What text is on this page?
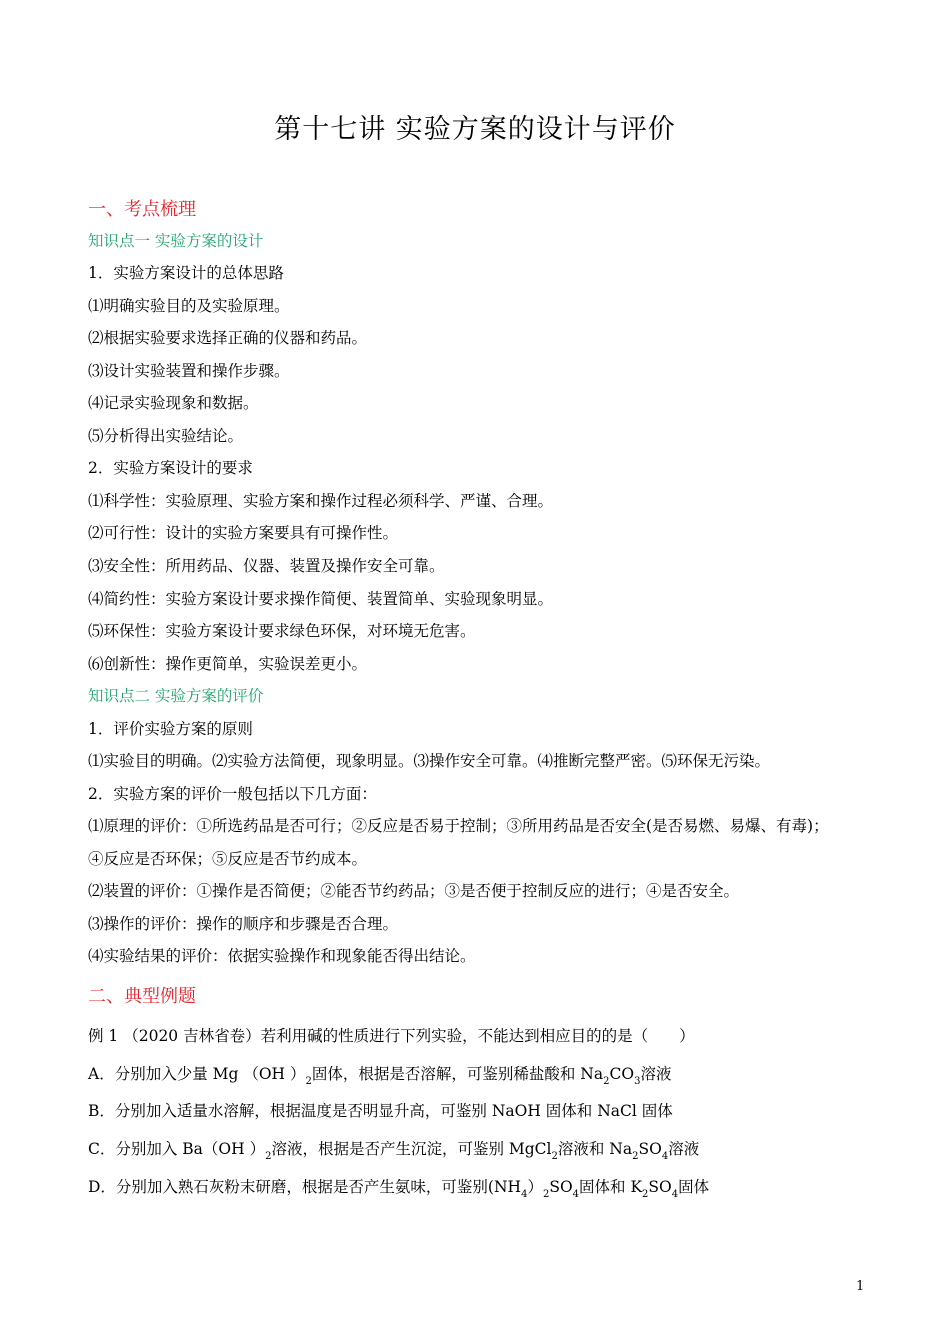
第十七讲 实验方案的设计与评价
一、考点梳理
知识点一 实验方案的设计
1．实验方案设计的总体思路
⑴明确实验目的及实验原理。
⑵根据实验要求选择正确的仪器和药品。
⑶设计实验装置和操作步骤。
⑷记录实验现象和数据。
⑸分析得出实验结论。
2．实验方案设计的要求
⑴科学性：实验原理、实验方案和操作过程必须科学、严谨、合理。
⑵可行性：设计的实验方案要具有可操作性。
⑶安全性：所用药品、仪器、装置及操作安全可靠。
⑷简约性：实验方案设计要求操作简便、装置简单、实验现象明显。
⑸环保性：实验方案设计要求绿色环保，对环境无危害。
⑹创新性：操作更简单，实验误差更小。
知识点二 实验方案的评价
1．评价实验方案的原则
⑴实验目的明确。⑵实验方法简便，现象明显。⑶操作安全可靠。⑷推断完整严密。⑸环保无污染。
2．实验方案的评价一般包括以下几方面：
⑴原理的评价：①所选药品是否可行；②反应是否易于控制；③所用药品是否安全(是否易燃、易爆、有毒)；
④反应是否环保；⑤反应是否节约成本。
⑵装置的评价：①操作是否简便；②能否节约药品；③是否便于控制反应的进行；④是否安全。
⑶操作的评价：操作的顺序和步骤是否合理。
⑷实验结果的评价：依据实验操作和现象能否得出结论。
二、典型例题
例 1 （2020 吉林省卷）若利用碱的性质进行下列实验，不能达到相应目的的是（　　）
A．分别加入少量 Mg （OH ）$_2$固体，根据是否溶解，可鉴别稀盐酸和 $Na_2CO_3$溶液
B．分别加入适量水溶解，根据温度是否明显升高，可鉴别 NaOH 固体和 NaCl 固体
C．分别加入 Ba（OH ）$_2$溶液，根据是否产生沉淀，可鉴别 MgCl$_2$溶液和 $Na_2SO_4$溶液
D．分别加入熟石灰粉末研磨，根据是否产生氨味，可鉴别$(NH_4)_2SO_4$固体和 $K_2SO_4$固体
1
